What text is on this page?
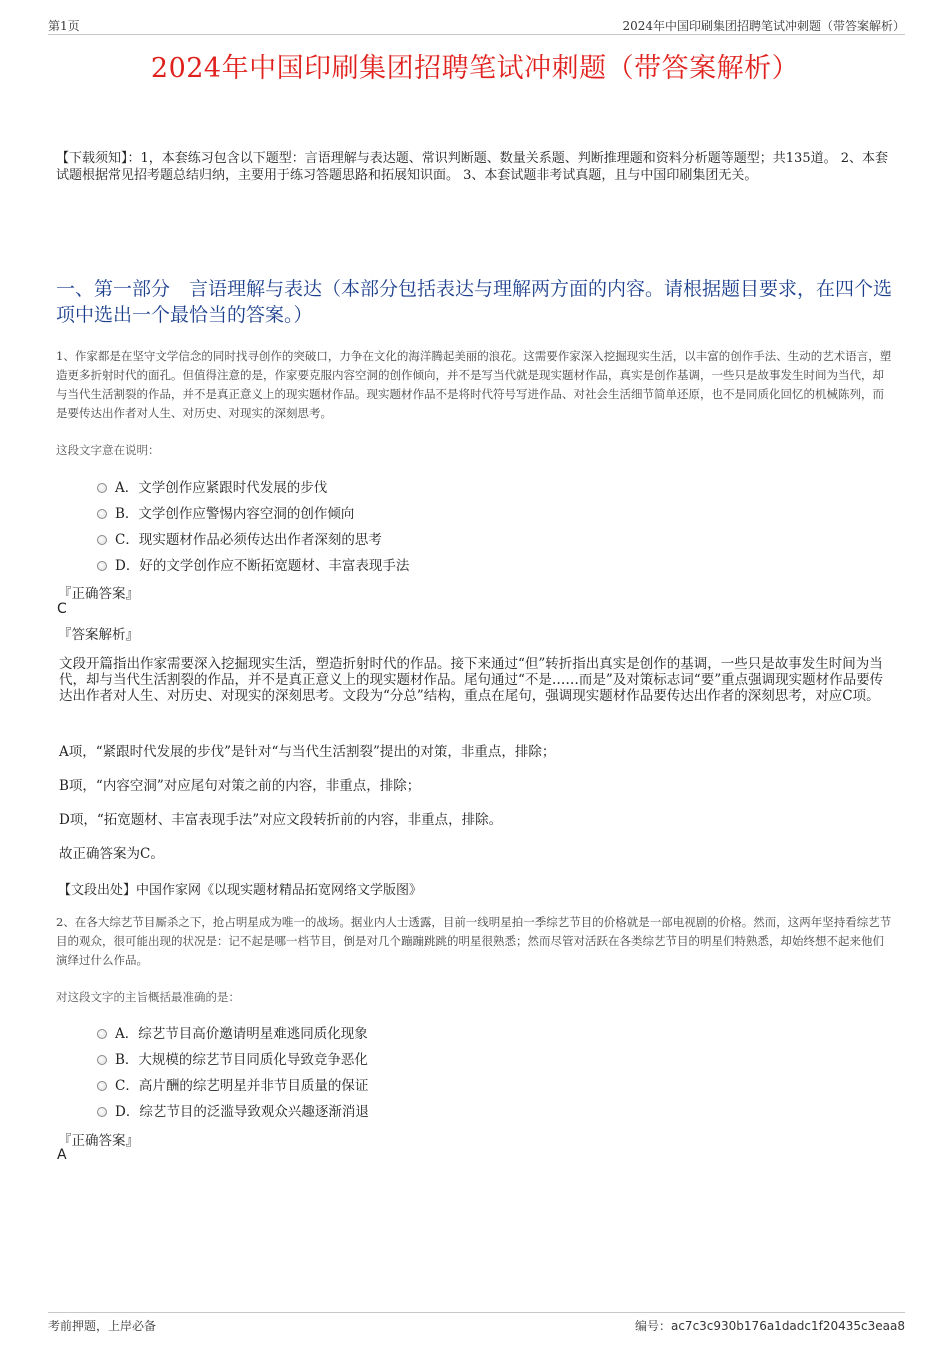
第1页	2024年中国印刷集团招聘笔试冲刺题（带答案解析）
2024年中国印刷集团招聘笔试冲刺题（带答案解析）
【下载须知】：1，本套练习包含以下题型：言语理解与表达题、常识判断题、数量关系题、判断推理题和资料分析题等题型；共135道。 2、本套试题根据常见招考题总结归纳，主要用于练习答题思路和拓展知识面。 3、本套试题非考试真题，且与中国印刷集团无关。
一、第一部分　言语理解与表达（本部分包括表达与理解两方面的内容。请根据题目要求，在四个选项中选出一个最恰当的答案。）
1、作家都是在坚守文学信念的同时找寻创作的突破口，力争在文化的海洋腾起美丽的浪花。这需要作家深入挖掘现实生活，以丰富的创作手法、生动的艺术语言，塑造更多折射时代的面孔。但值得注意的是，作家要克服内容空洞的创作倾向，并不是写当代就是现实题材作品，真实是创作基调，一些只是故事发生时间为当代，却与当代生活割裂的作品，并不是真正意义上的现实题材作品。现实题材作品不是将时代符号写进作品、对社会生活细节简单还原，也不是同质化回忆的机械陈列，而是要传达出作者对人生、对历史、对现实的深刻思考。
这段文字意在说明：
A．文学创作应紧跟时代发展的步伐
B．文学创作应警惕内容空洞的创作倾向
C．现实题材作品必须传达出作者深刻的思考
D．好的文学创作应不断拓宽题材、丰富表现手法
『正确答案』
C
『答案解析』
文段开篇指出作家需要深入挖掘现实生活，塑造折射时代的作品。接下来通过“但”转折指出真实是创作的基调，一些只是故事发生时间为当代，却与当代生活割裂的作品，并不是真正意义上的现实题材作品。尾句通过“不是……而是”及对策标志词“要”重点强调现实题材作品要传达出作者对人生、对历史、对现实的深刻思考。文段为“分总”结构，重点在尾句，强调现实题材作品要传达出作者的深刻思考，对应C项。
A项，“紧跟时代发展的步伐”是针对“与当代生活割裂”提出的对策，非重点，排除；
B项，“内容空洞”对应尾句对策之前的内容，非重点，排除；
D项，“拓宽题材、丰富表现手法”对应文段转折前的内容，非重点，排除。
故正确答案为C。
【文段出处】中国作家网《以现实题材精品拓宽网络文学版图》
2、在各大综艺节目厮杀之下，抢占明星成为唯一的战场。据业内人士透露，目前一线明星拍一季综艺节目的价格就是一部电视剧的价格。然而，这两年坚持看综艺节目的观众，很可能出现的状况是：记不起是哪一档节目，倒是对几个蹦蹦跳跳的明星很熟悉；然而尽管对活跃在各类综艺节目的明星们特熟悉，却始终想不起来他们演绎过什么作品。
对这段文字的主旨概括最准确的是：
A．综艺节目高价邀请明星难逃同质化现象
B．大规模的综艺节目同质化导致竞争恶化
C．高片酬的综艺明星并非节目质量的保证
D．综艺节目的泛滥导致观众兴趣逐渐消退
『正确答案』
A
考前押题，上岸必备	编号：ac7c3c930b176a1dadc1f20435c3eaa8
